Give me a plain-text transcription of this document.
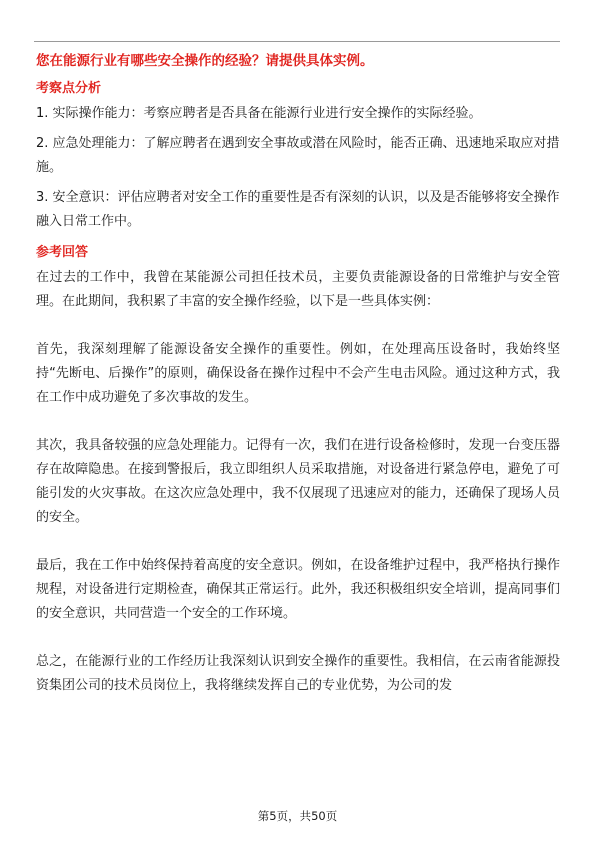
您在能源行业有哪些安全操作的经验？请提供具体实例。
考察点分析
1. 实际操作能力：考察应聘者是否具备在能源行业进行安全操作的实际经验。
2. 应急处理能力：了解应聘者在遇到安全事故或潜在风险时，能否正确、迅速地采取应对措施。
3. 安全意识：评估应聘者对安全工作的重要性是否有深刻的认识，以及是否能够将安全操作融入日常工作中。
参考回答
在过去的工作中，我曾在某能源公司担任技术员，主要负责能源设备的日常维护与安全管理。在此期间，我积累了丰富的安全操作经验，以下是一些具体实例：
首先，我深刻理解了能源设备安全操作的重要性。例如，在处理高压设备时，我始终坚持“先断电、后操作”的原则，确保设备在操作过程中不会产生电击风险。通过这种方式，我在工作中成功避免了多次事故的发生。
其次，我具备较强的应急处理能力。记得有一次，我们在进行设备检修时，发现一台变压器存在故障隐患。在接到警报后，我立即组织人员采取措施，对设备进行紧急停电，避免了可能引发的火灾事故。在这次应急处理中，我不仅展现了迅速应对的能力，还确保了现场人员的安全。
最后，我在工作中始终保持着高度的安全意识。例如，在设备维护过程中，我严格执行操作规程，对设备进行定期检查，确保其正常运行。此外，我还积极组织安全培训，提高同事们的安全意识，共同营造一个安全的工作环境。
总之，在能源行业的工作经历让我深刻认识到安全操作的重要性。我相信，在云南省能源投资集团公司的技术员岗位上，我将继续发挥自己的专业优势，为公司的发
第5页，共50页
